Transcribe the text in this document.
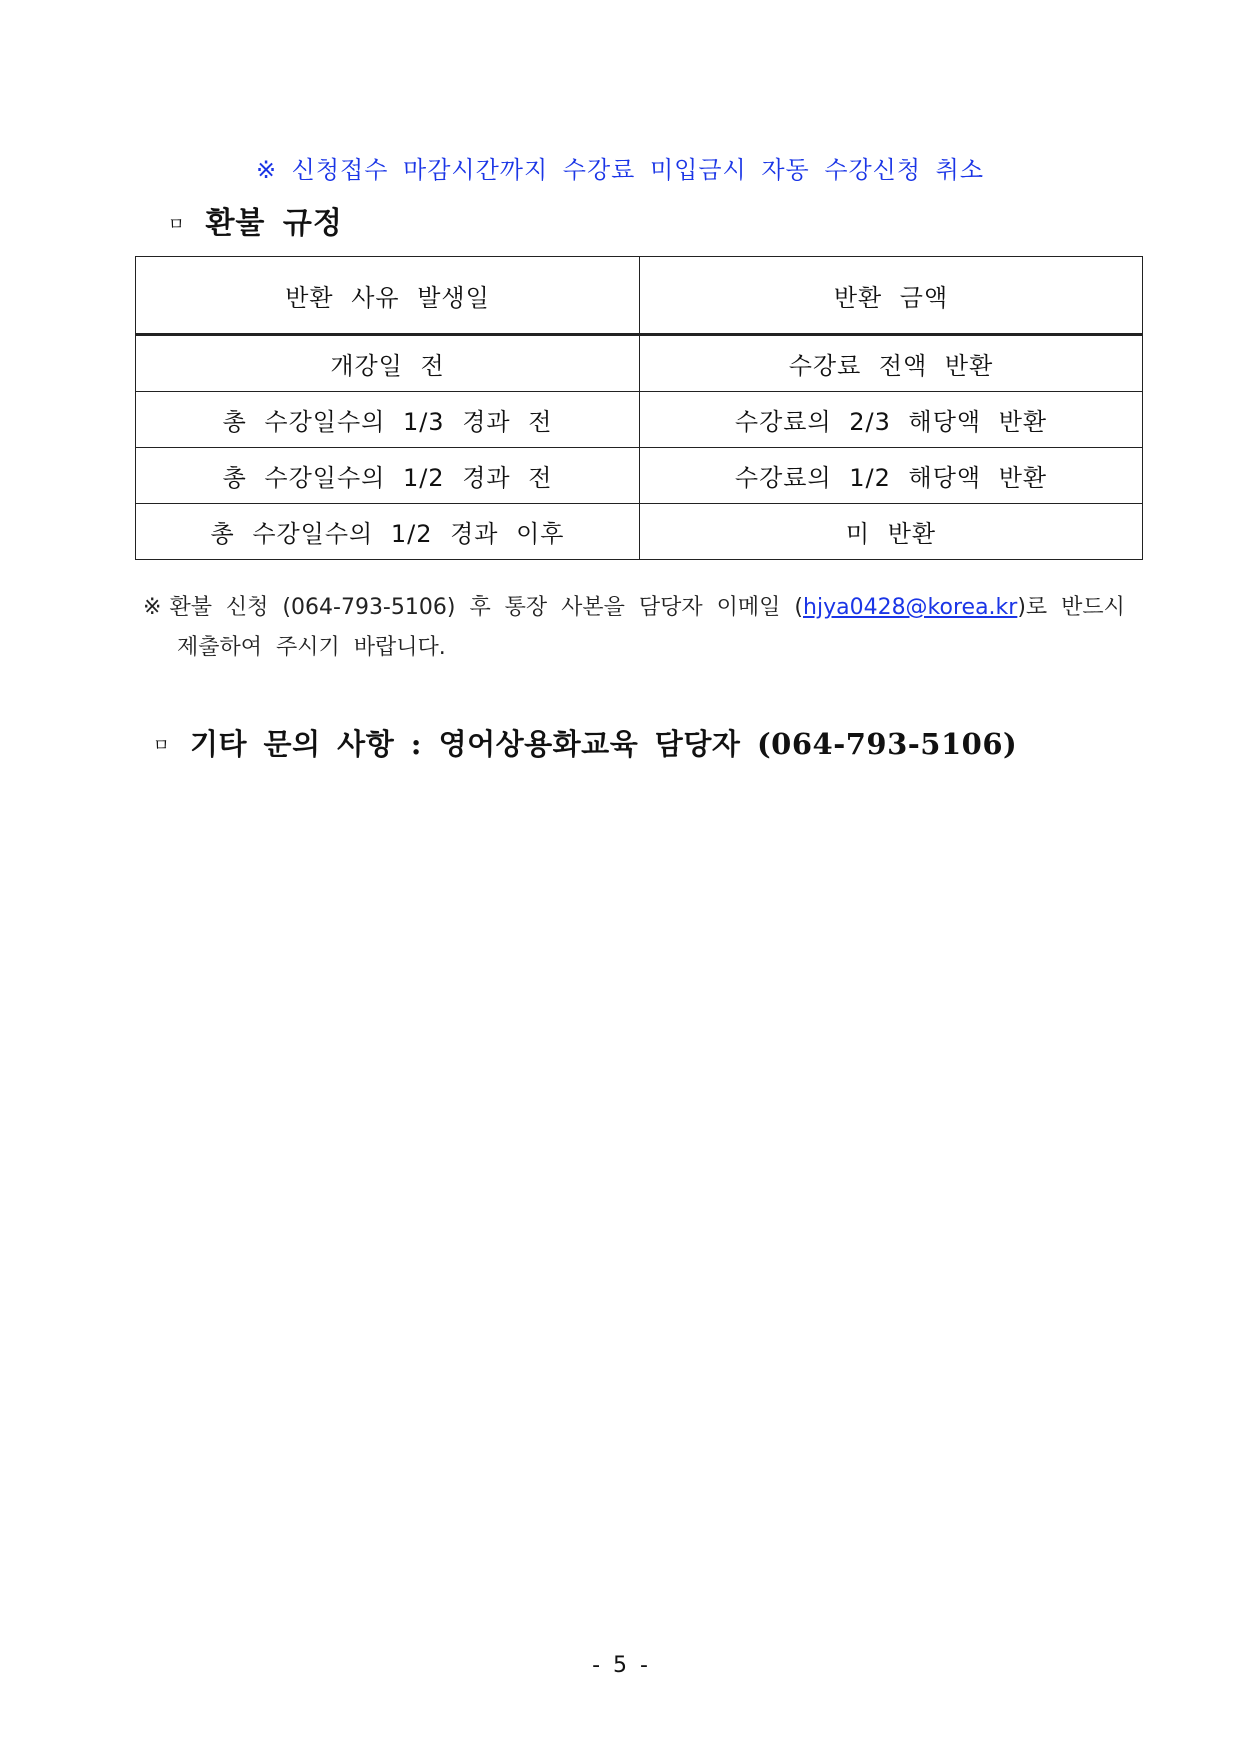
※ 신청접수 마감시간까지 수강료 미입금시 자동 수강신청 취소
ㅁ 환불 규정
반환 사유 발생일	반환 금액
개강일 전	수강료 전액 반환
총 수강일수의 1/3 경과 전	수강료의 2/3 해당액 반환
총 수강일수의 1/2 경과 전	수강료의 1/2 해당액 반환
총 수강일수의 1/2 경과 이후	미 반환
※ 환불 신청 (064-793-5106) 후 통장 사본을 담당자 이메일 (hjya0428@korea.kr)로 반드시
제출하여 주시기 바랍니다.
ㅁ 기타 문의 사항 : 영어상용화교육 담당자 (064-793-5106)
- 5 -
